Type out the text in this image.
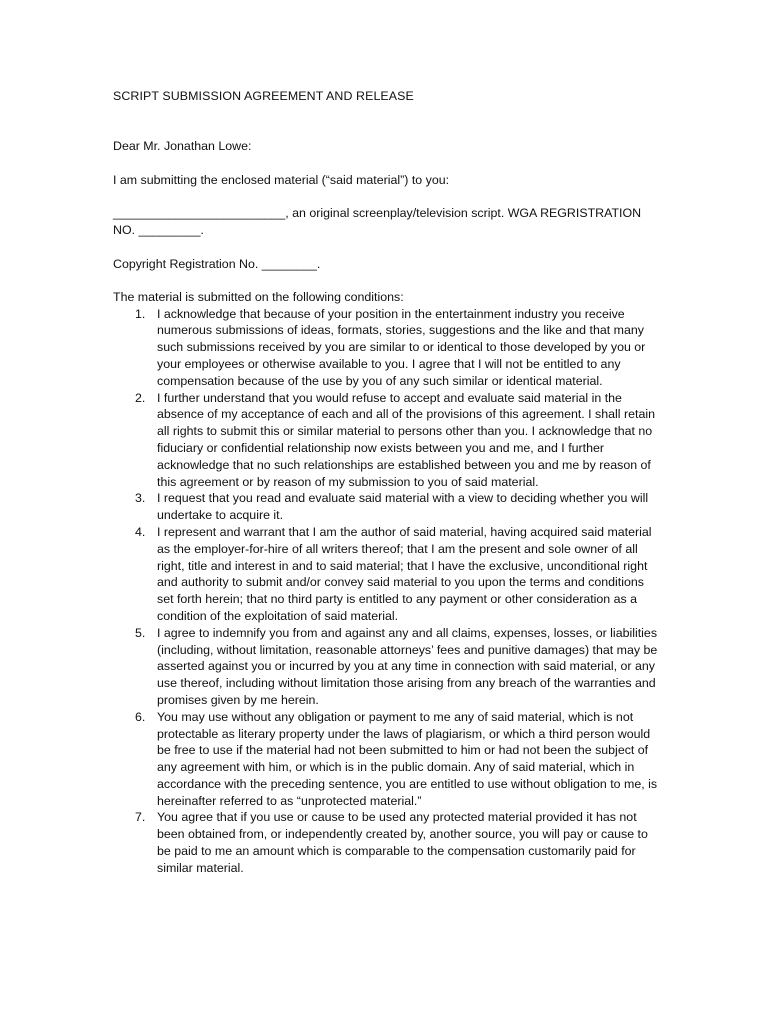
SCRIPT SUBMISSION AGREEMENT AND RELEASE

Dear Mr. Jonathan Lowe:

I am submitting the enclosed material (“said material”) to you:

_________________________, an original screenplay/television script. WGA REGRISTRATION NO. _________.

Copyright Registration No. ________.

The material is submitted on the following conditions:

1. I acknowledge that because of your position in the entertainment industry you receive numerous submissions of ideas, formats, stories, suggestions and the like and that many such submissions received by you are similar to or identical to those developed by you or your employees or otherwise available to you. I agree that I will not be entitled to any compensation because of the use by you of any such similar or identical material.
2. I further understand that you would refuse to accept and evaluate said material in the absence of my acceptance of each and all of the provisions of this agreement. I shall retain all rights to submit this or similar material to persons other than you. I acknowledge that no fiduciary or confidential relationship now exists between you and me, and I further acknowledge that no such relationships are established between you and me by reason of this agreement or by reason of my submission to you of said material.
3. I request that you read and evaluate said material with a view to deciding whether you will undertake to acquire it.
4. I represent and warrant that I am the author of said material, having acquired said material as the employer-for-hire of all writers thereof; that I am the present and sole owner of all right, title and interest in and to said material; that I have the exclusive, unconditional right and authority to submit and/or convey said material to you upon the terms and conditions set forth herein; that no third party is entitled to any payment or other consideration as a condition of the exploitation of said material.
5. I agree to indemnify you from and against any and all claims, expenses, losses, or liabilities (including, without limitation, reasonable attorneys’ fees and punitive damages) that may be asserted against you or incurred by you at any time in connection with said material, or any use thereof, including without limitation those arising from any breach of the warranties and promises given by me herein.
6. You may use without any obligation or payment to me any of said material, which is not protectable as literary property under the laws of plagiarism, or which a third person would be free to use if the material had not been submitted to him or had not been the subject of any agreement with him, or which is in the public domain. Any of said material, which in accordance with the preceding sentence, you are entitled to use without obligation to me, is hereinafter referred to as “unprotected material.”
7. You agree that if you use or cause to be used any protected material provided it has not been obtained from, or independently created by, another source, you will pay or cause to be paid to me an amount which is comparable to the compensation customarily paid for similar material.
